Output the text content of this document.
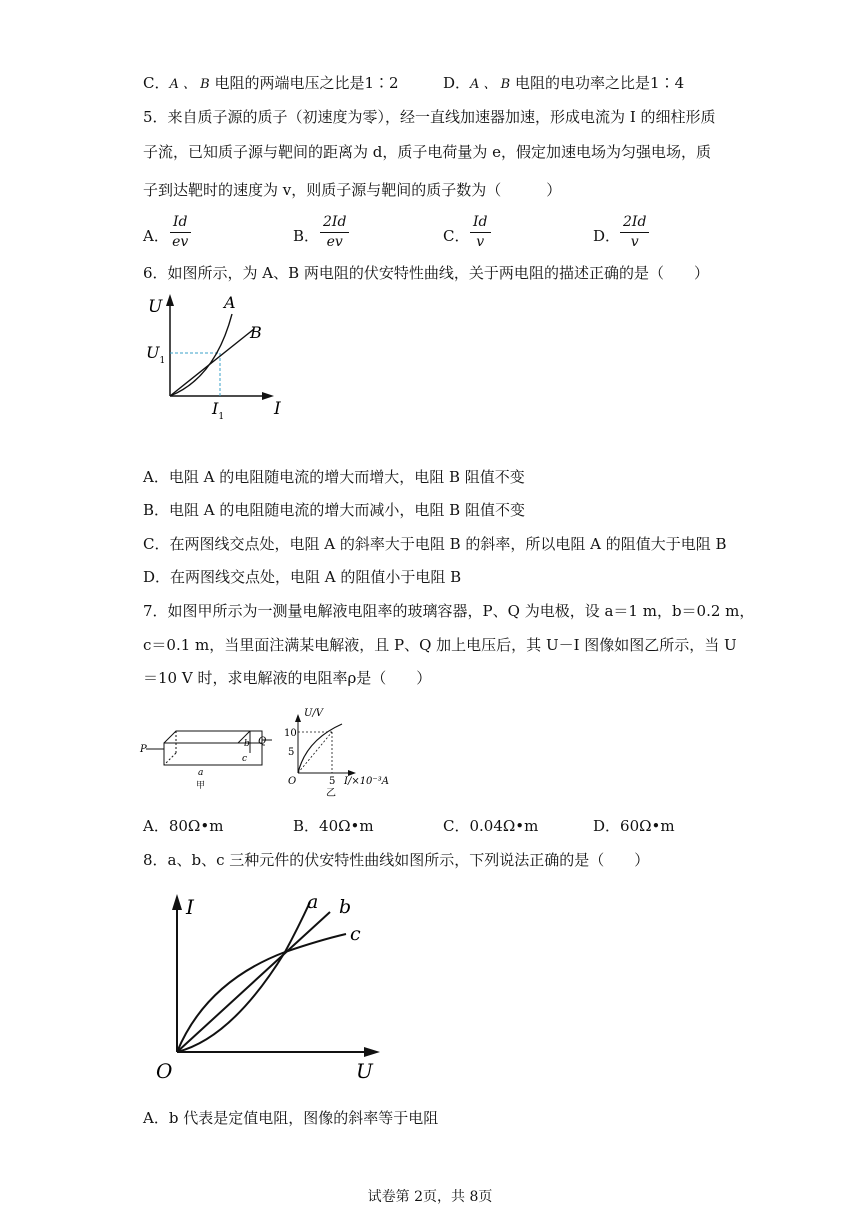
C．A 、 B 电阻的两端电压之比是1∶2	D．A 、 B 电阻的电功率之比是1∶4
5．来自质子源的质子（初速度为零），经一直线加速器加速，形成电流为 I 的细柱形质
子流，已知质子源与靶间的距离为 d，质子电荷量为 e，假定加速电场为匀强电场，质
子到达靶时的速度为 v，则质子源与靶间的质子数为（　　　）
A． $\frac{Id}{ev}$	B． $\frac{2Id}{ev}$	C． $\frac{Id}{v}$	D． $\frac{2Id}{v}$
6．如图所示，为 A、B 两电阻的伏安特性曲线，关于两电阻的描述正确的是（　　）
U
I
A
B
$U_1$
$I_1$
A．电阻 A 的电阻随电流的增大而增大，电阻 B 阻值不变
B．电阻 A 的电阻随电流的增大而减小，电阻 B 阻值不变
C．在两图线交点处，电阻 A 的斜率大于电阻 B 的斜率，所以电阻 A 的阻值大于电阻 B
D．在两图线交点处，电阻 A 的阻值小于电阻 B
7．如图甲所示为一测量电解液电阻率的玻璃容器，P、Q 为电极，设 a＝1 m，b＝0.2 m，
c＝0.1 m，当里面注满某电解液，且 P、Q 加上电压后，其 U－I 图像如图乙所示，当 U
＝10 V 时，求电解液的电阻率ρ是（　　）
P
Q
b
c
a
甲
U/V
10
5
O	5 I/×10⁻³A
乙
A．80Ω•m	B．40Ω•m	C．0.04Ω•m	D．60Ω•m
8．a、b、c 三种元件的伏安特性曲线如图所示，下列说法正确的是（　　）
I
U
O
a b
c
A．b 代表是定值电阻，图像的斜率等于电阻
试卷第 2页，共 8页
